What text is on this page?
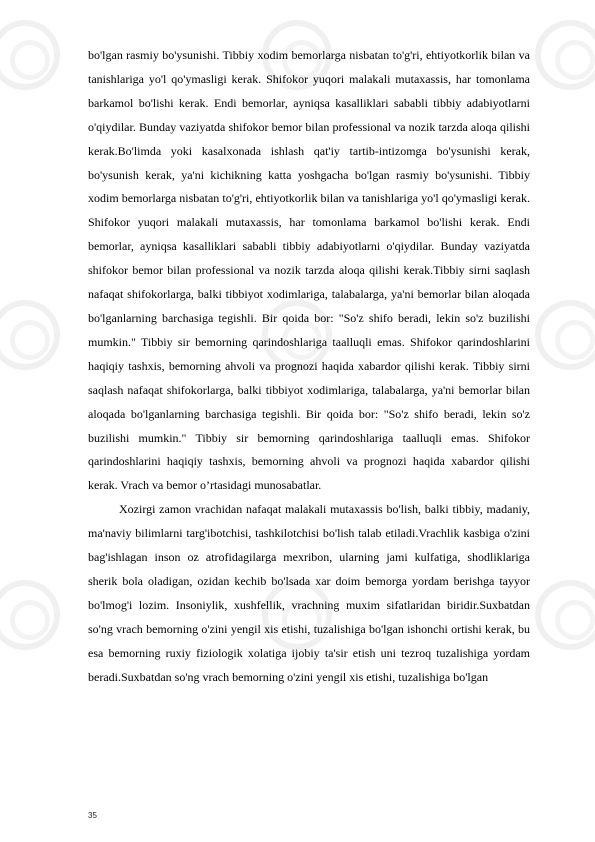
bo'lgan rasmiy bo'ysunishi. Tibbiy xodim bemorlarga nisbatan to'g'ri, ehtiyotkorlik bilan va tanishlariga yo'l qo'ymasligi kerak. Shifokor yuqori malakali mutaxassis, har tomonlama barkamol bo'lishi kerak. Endi bemorlar, ayniqsa kasalliklari sababli tibbiy adabiyotlarni o'qiydilar. Bunday vaziyatda shifokor bemor bilan professional va nozik tarzda aloqa qilishi kerak.Bo'limda yoki kasalxonada ishlash qat'iy tartib-intizomga bo'ysunishi kerak, bo'ysunish kerak, ya'ni kichikning katta yoshgacha bo'lgan rasmiy bo'ysunishi. Tibbiy xodim bemorlarga nisbatan to'g'ri, ehtiyotkorlik bilan va tanishlariga yo'l qo'ymasligi kerak. Shifokor yuqori malakali mutaxassis, har tomonlama barkamol bo'lishi kerak. Endi bemorlar, ayniqsa kasalliklari sababli tibbiy adabiyotlarni o'qiydilar. Bunday vaziyatda shifokor bemor bilan professional va nozik tarzda aloqa qilishi kerak.Tibbiy sirni saqlash nafaqat shifokorlarga, balki tibbiyot xodimlariga, talabalarga, ya'ni bemorlar bilan aloqada bo'lganlarning barchasiga tegishli. Bir qoida bor: "So'z shifo beradi, lekin so'z buzilishi mumkin." Tibbiy sir bemorning qarindoshlariga taalluqli emas. Shifokor qarindoshlarini haqiqiy tashxis, bemorning ahvoli va prognozi haqida xabardor qilishi kerak. Tibbiy sirni saqlash nafaqat shifokorlarga, balki tibbiyot xodimlariga, talabalarga, ya'ni bemorlar bilan aloqada bo'lganlarning barchasiga tegishli. Bir qoida bor: "So'z shifo beradi, lekin so'z buzilishi mumkin." Tibbiy sir bemorning qarindoshlariga taalluqli emas. Shifokor qarindoshlarini haqiqiy tashxis, bemorning ahvoli va prognozi haqida xabardor qilishi kerak. Vrach va bemor o’rtasidagi munosabatlar.

Xozirgi zamon vrachidan nafaqat malakali mutaxassis bo'lish, balki tibbiy, madaniy, ma'naviy bilimlarni targ'ibotchisi, tashkilotchisi bo'lish talab etiladi.Vrachlik kasbiga o'zini bag'ishlagan inson oz atrofidagilarga mexribon, ularning jami kulfatiga, shodliklariga sherik bola oladigan, ozidan kechib bo'lsada xar doim bemorga yordam berishga tayyor bo'lmog'i lozim. Insoniylik, xushfellik, vrachning muxim sifatlaridan biridir.Suxbatdan so'ng vrach bemorning o'zini yengil xis etishi, tuzalishiga bo'lgan ishonchi ortishi kerak, bu esa bemorning ruxiy fiziologik xolatiga ijobiy ta'sir etish uni tezroq tuzalishiga yordam beradi.Suxbatdan so'ng vrach bemorning o'zini yengil xis etishi, tuzalishiga bo'lgan

35
